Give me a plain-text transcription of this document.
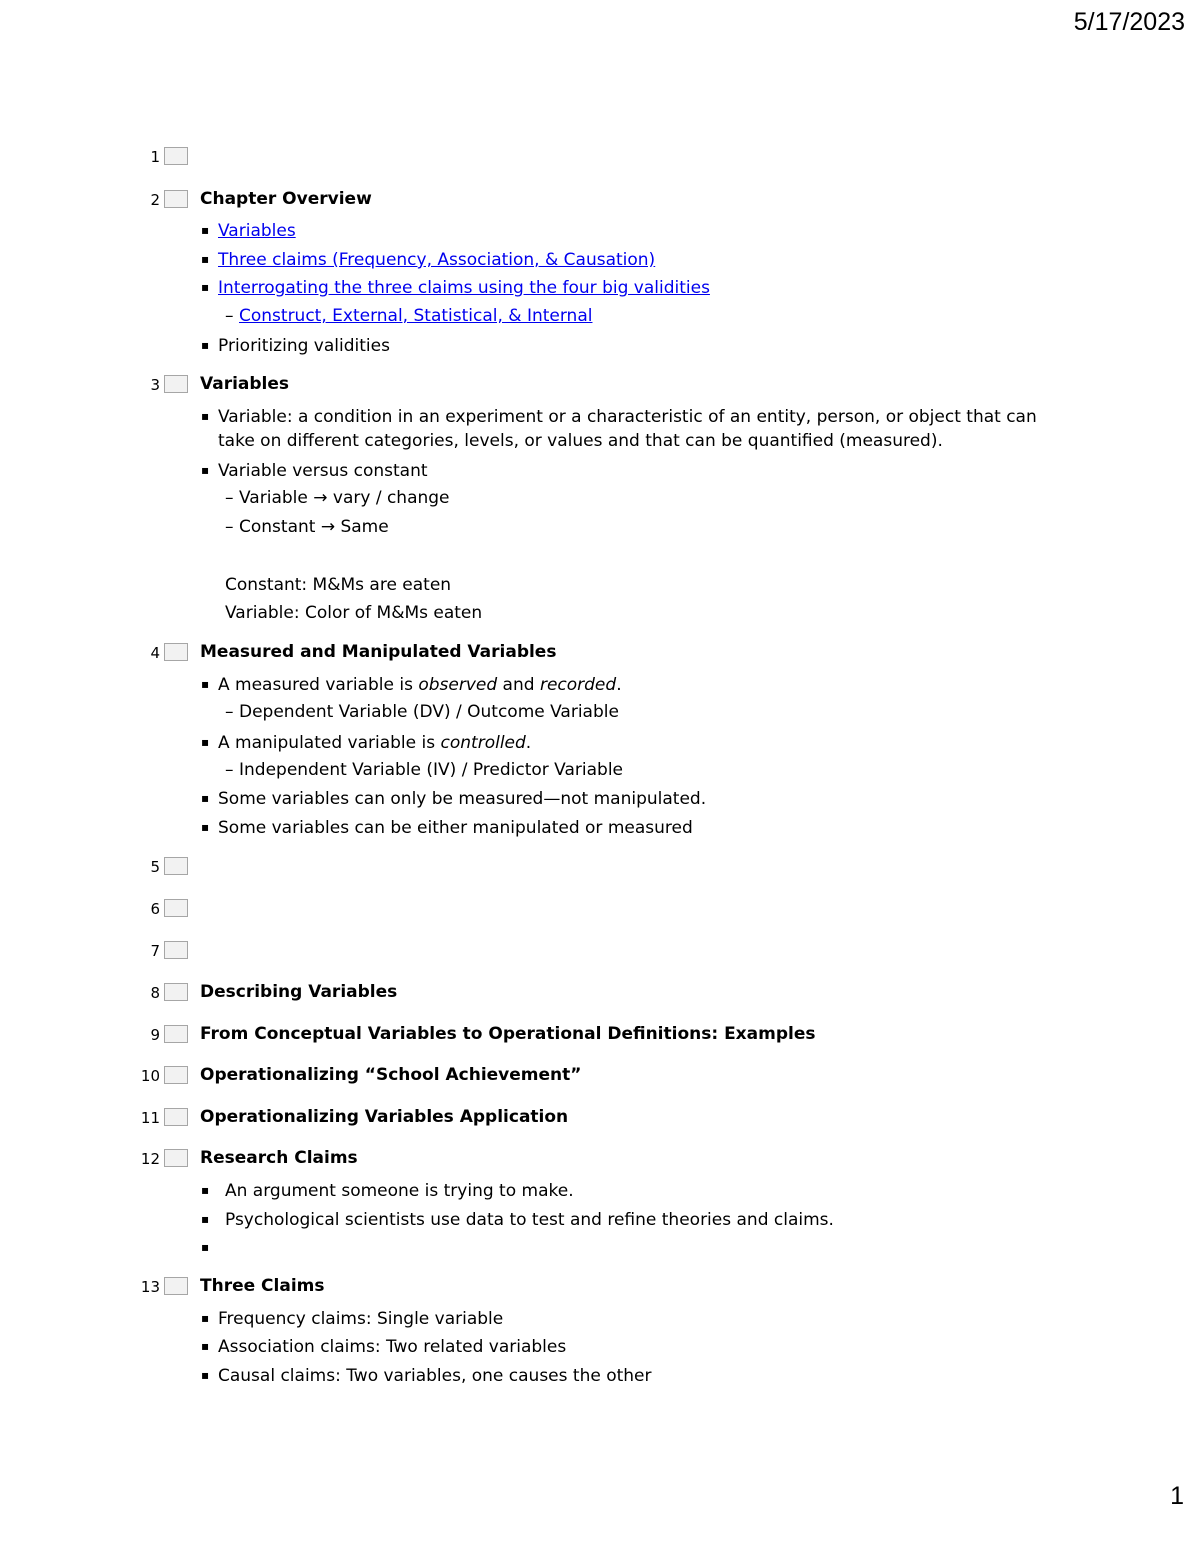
5/17/2023
1
2 Chapter Overview
▪ Variables
▪ Three claims (Frequency, Association, & Causation)
▪ Interrogating the three claims using the four big validities
– Construct, External, Statistical, & Internal
▪ Prioritizing validities
3 Variables
▪ Variable: a condition in an experiment or a characteristic of an entity, person, or object that can
take on different categories, levels, or values and that can be quantified (measured).
▪ Variable versus constant
– Variable → vary / change
– Constant → Same
Constant: M&Ms are eaten
Variable: Color of M&Ms eaten
4 Measured and Manipulated Variables
▪ A measured variable is observed and recorded.
– Dependent Variable (DV) / Outcome Variable
▪ A manipulated variable is controlled.
– Independent Variable (IV) / Predictor Variable
▪ Some variables can only be measured—not manipulated.
▪ Some variables can be either manipulated or measured
5
6
7
8 Describing Variables
9 From Conceptual Variables to Operational Definitions: Examples
10 Operationalizing “School Achievement”
11 Operationalizing Variables Application
12 Research Claims
▪ An argument someone is trying to make.
▪ Psychological scientists use data to test and refine theories and claims.
▪
13 Three Claims
▪ Frequency claims: Single variable
▪ Association claims: Two related variables
▪ Causal claims: Two variables, one causes the other
1
